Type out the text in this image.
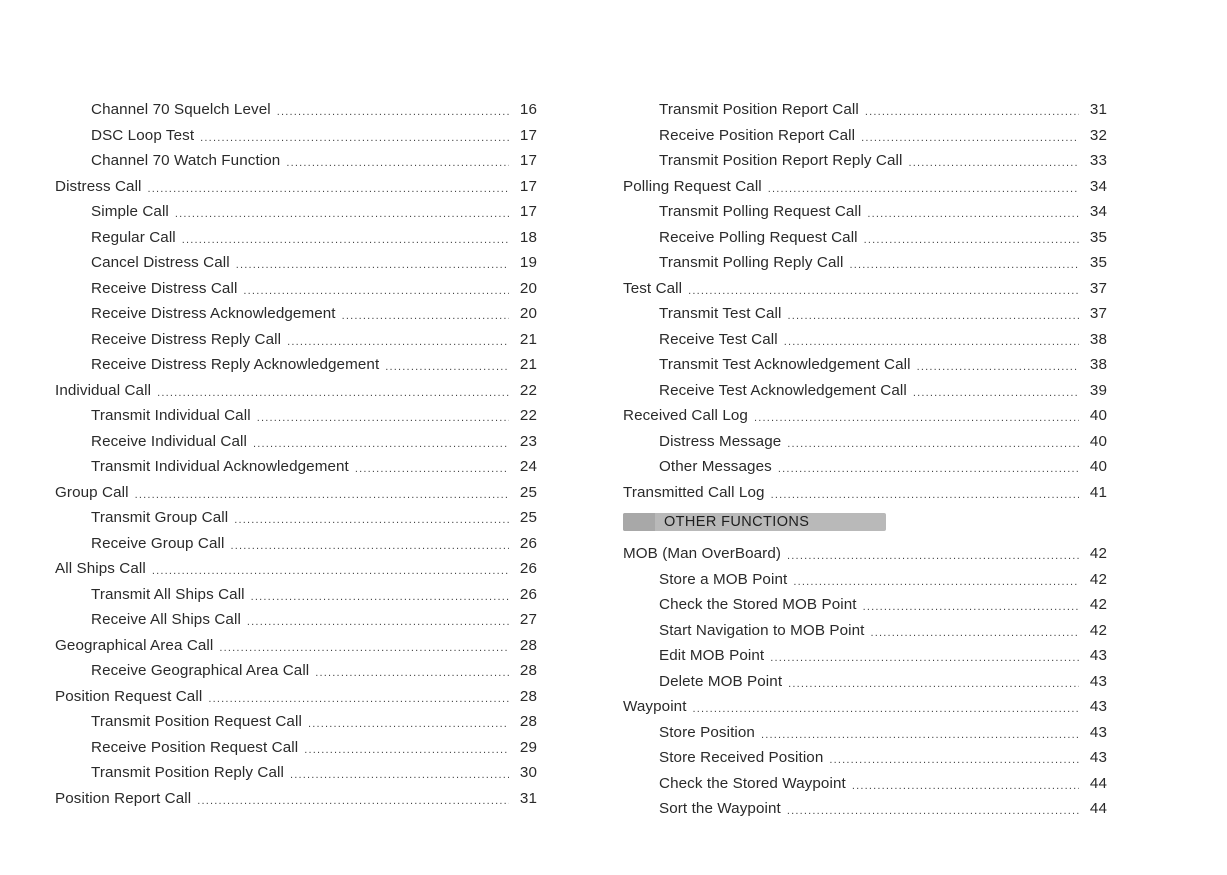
Channel 70 Squelch Level .....	16
DSC Loop Test .....	17
Channel 70 Watch Function .....	17
Distress Call .....	17
Simple Call .....	17
Regular Call .....	18
Cancel Distress Call .....	19
Receive Distress Call .....	20
Receive Distress Acknowledgement .....	20
Receive Distress Reply Call .....	21
Receive Distress Reply Acknowledgement .....	21
Individual Call .....	22
Transmit Individual Call .....	22
Receive Individual Call .....	23
Transmit Individual Acknowledgement .....	24
Group Call .....	25
Transmit Group Call .....	25
Receive Group Call .....	26
All Ships Call .....	26
Transmit All Ships Call .....	26
Receive All Ships Call .....	27
Geographical Area Call .....	28
Receive Geographical Area Call .....	28
Position Request Call .....	28
Transmit Position Request Call .....	28
Receive Position Request Call .....	29
Transmit Position Reply Call .....	30
Position Report Call .....	31
Transmit Position Report Call .....	31
Receive Position Report Call .....	32
Transmit Position Report Reply Call .....	33
Polling Request Call .....	34
Transmit Polling Request Call .....	34
Receive Polling Request Call .....	35
Transmit Polling Reply Call .....	35
Test Call .....	37
Transmit Test Call .....	37
Receive Test Call .....	38
Transmit Test Acknowledgement Call .....	38
Receive Test Acknowledgement Call .....	39
Received Call Log .....	40
Distress Message .....	40
Other Messages .....	40
Transmitted Call Log .....	41
OTHER FUNCTIONS
MOB (Man OverBoard) .....	42
Store a MOB Point .....	42
Check the Stored MOB Point .....	42
Start Navigation to MOB Point .....	42
Edit MOB Point .....	43
Delete MOB Point .....	43
Waypoint .....	43
Store Position .....	43
Store Received Position .....	43
Check the Stored Waypoint .....	44
Sort the Waypoint .....	44
